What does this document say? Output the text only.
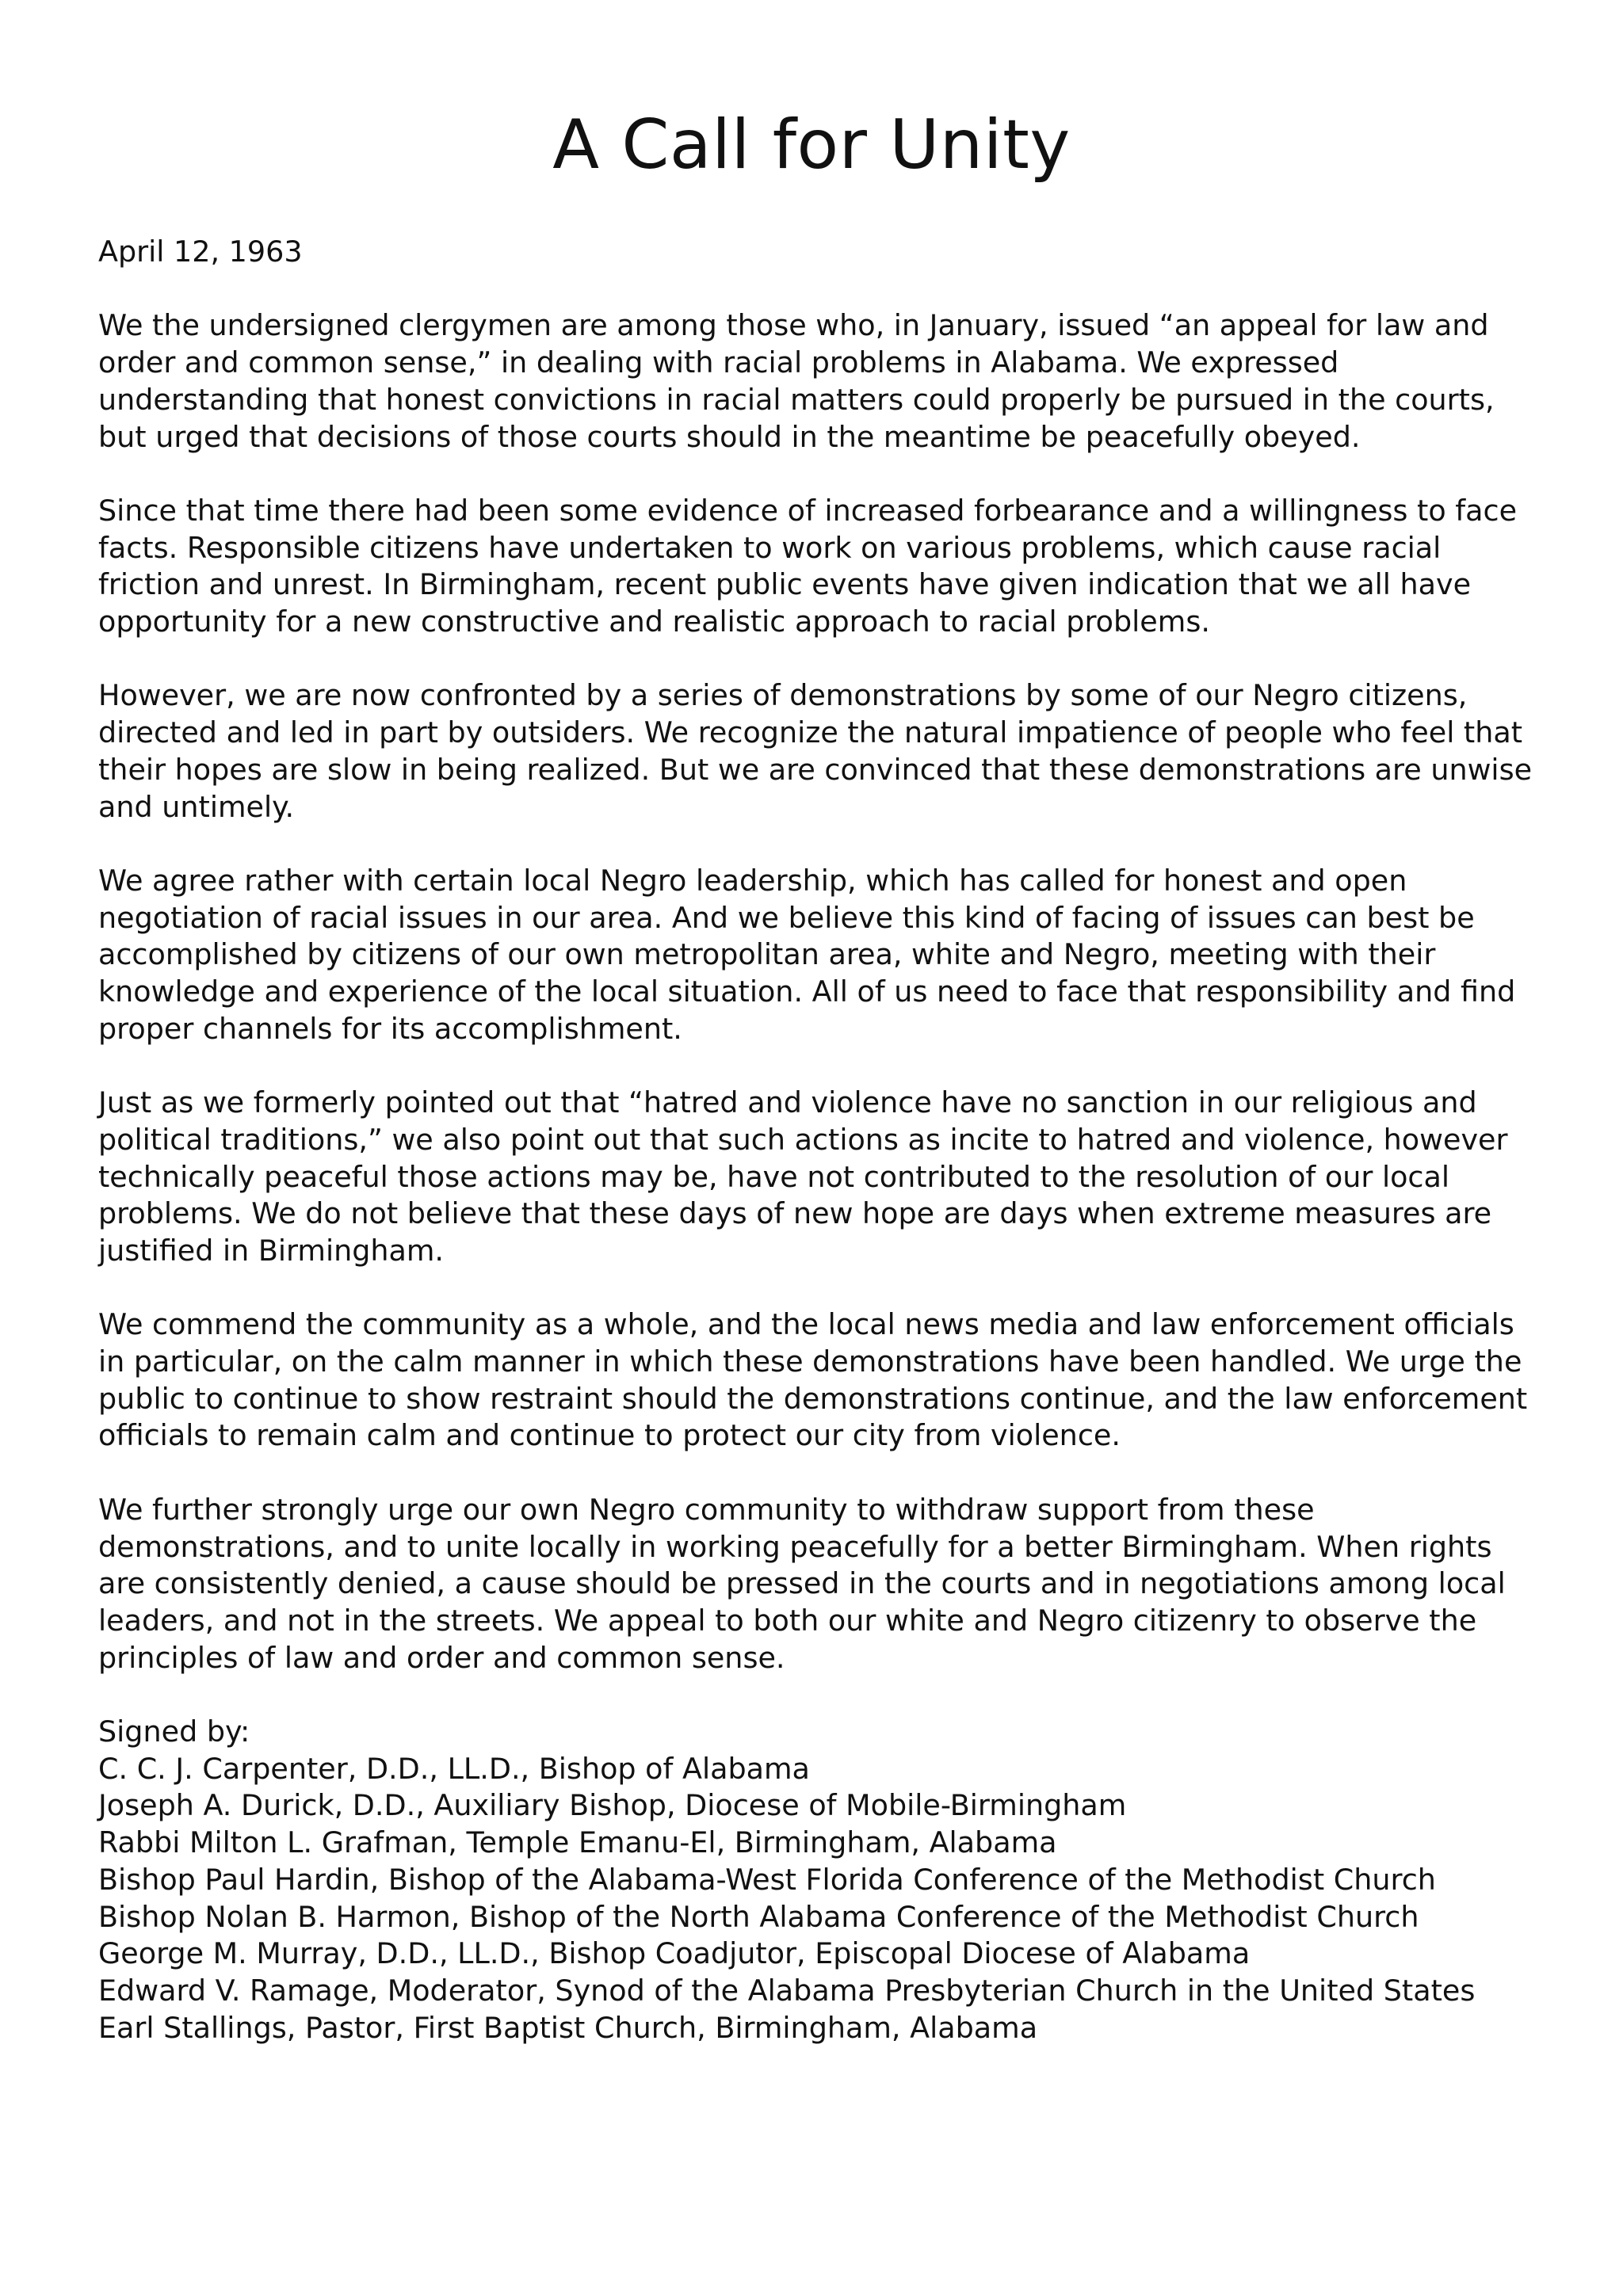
A Call for Unity

April 12, 1963

We the undersigned clergymen are among those who, in January, issued “an appeal for law and order and common sense,” in dealing with racial problems in Alabama. We expressed understanding that honest convictions in racial matters could properly be pursued in the courts, but urged that decisions of those courts should in the meantime be peacefully obeyed.

Since that time there had been some evidence of increased forbearance and a willingness to face facts. Responsible citizens have undertaken to work on various problems, which cause racial friction and unrest. In Birmingham, recent public events have given indication that we all have opportunity for a new constructive and realistic approach to racial problems.

However, we are now confronted by a series of demonstrations by some of our Negro citizens, directed and led in part by outsiders. We recognize the natural impatience of people who feel that their hopes are slow in being realized. But we are convinced that these demonstrations are unwise and untimely.

We agree rather with certain local Negro leadership, which has called for honest and open negotiation of racial issues in our area. And we believe this kind of facing of issues can best be accomplished by citizens of our own metropolitan area, white and Negro, meeting with their knowledge and experience of the local situation. All of us need to face that responsibility and find proper channels for its accomplishment.

Just as we formerly pointed out that “hatred and violence have no sanction in our religious and political traditions,” we also point out that such actions as incite to hatred and violence, however technically peaceful those actions may be, have not contributed to the resolution of our local problems. We do not believe that these days of new hope are days when extreme measures are justified in Birmingham.

We commend the community as a whole, and the local news media and law enforcement officials in particular, on the calm manner in which these demonstrations have been handled. We urge the public to continue to show restraint should the demonstrations continue, and the law enforcement officials to remain calm and continue to protect our city from violence.

We further strongly urge our own Negro community to withdraw support from these demonstrations, and to unite locally in working peacefully for a better Birmingham. When rights are consistently denied, a cause should be pressed in the courts and in negotiations among local leaders, and not in the streets. We appeal to both our white and Negro citizenry to observe the principles of law and order and common sense.

Signed by:

C. C. J. Carpenter, D.D., LL.D., Bishop of Alabama

Joseph A. Durick, D.D., Auxiliary Bishop, Diocese of Mobile-Birmingham

Rabbi Milton L. Grafman, Temple Emanu-El, Birmingham, Alabama

Bishop Paul Hardin, Bishop of the Alabama-West Florida Conference of the Methodist Church

Bishop Nolan B. Harmon, Bishop of the North Alabama Conference of the Methodist Church

George M. Murray, D.D., LL.D., Bishop Coadjutor, Episcopal Diocese of Alabama

Edward V. Ramage, Moderator, Synod of the Alabama Presbyterian Church in the United States

Earl Stallings, Pastor, First Baptist Church, Birmingham, Alabama
